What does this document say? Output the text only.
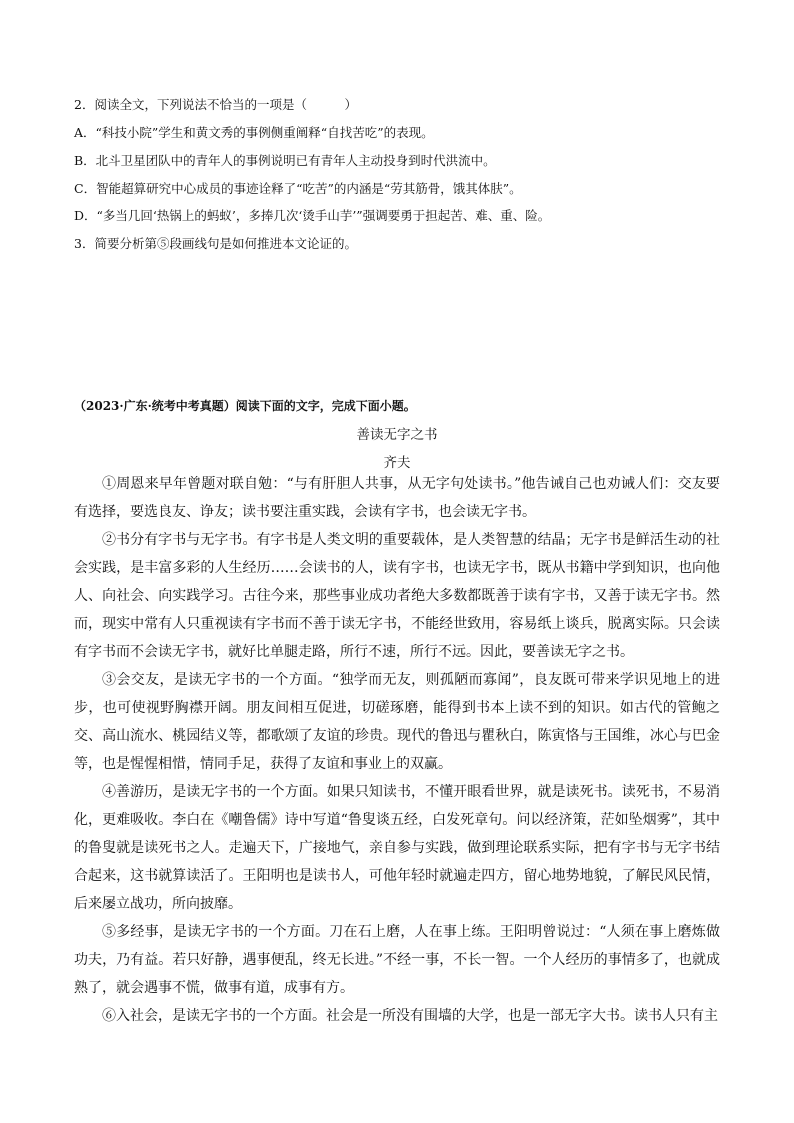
2．阅读全文，下列说法不恰当的一项是（　　　）
A．“科技小院”学生和黄文秀的事例侧重阐释“自找苦吃”的表现。
B．北斗卫星团队中的青年人的事例说明已有青年人主动投身到时代洪流中。
C．智能超算研究中心成员的事迹诠释了“吃苦”的内涵是“劳其筋骨，饿其体肤”。
D．“多当几回‘热锅上的蚂蚁’，多捧几次‘烫手山芋’”强调要勇于担起苦、难、重、险。
3．简要分析第⑤段画线句是如何推进本文论证的。
（2023·广东·统考中考真题）阅读下面的文字，完成下面小题。
善读无字之书
齐夫

①周恩来早年曾题对联自勉：“与有肝胆人共事，从无字句处读书。”他告诫自己也劝诫人们：交友要有选择，要选良友、诤友；读书要注重实践，会读有字书，也会读无字书。

②书分有字书与无字书。有字书是人类文明的重要载体，是人类智慧的结晶；无字书是鲜活生动的社会实践，是丰富多彩的人生经历……会读书的人，读有字书，也读无字书，既从书籍中学到知识，也向他人、向社会、向实践学习。古往今来，那些事业成功者绝大多数都既善于读有字书，又善于读无字书。然而，现实中常有人只重视读有字书而不善于读无字书，不能经世致用，容易纸上谈兵，脱离实际。只会读有字书而不会读无字书，就好比单腿走路，所行不速，所行不远。因此，要善读无字之书。

③会交友，是读无字书的一个方面。“独学而无友，则孤陋而寡闻”，良友既可带来学识见地上的进步，也可使视野胸襟开阔。朋友间相互促进，切磋琢磨，能得到书本上读不到的知识。如古代的管鲍之交、高山流水、桃园结义等，都歌颂了友谊的珍贵。现代的鲁迅与瞿秋白，陈寅恪与王国维，冰心与巴金等，也是惺惺相惜，情同手足，获得了友谊和事业上的双赢。

④善游历，是读无字书的一个方面。如果只知读书，不懂开眼看世界，就是读死书。读死书，不易消化，更难吸收。李白在《嘲鲁儒》诗中写道“鲁叟谈五经，白发死章句。问以经济策，茫如坠烟雾”，其中的鲁叟就是读死书之人。走遍天下，广接地气，亲自参与实践，做到理论联系实际，把有字书与无字书结合起来，这书就算读活了。王阳明也是读书人，可他年轻时就遍走四方，留心地势地貌，了解民风民情，后来屡立战功，所向披靡。

⑤多经事，是读无字书的一个方面。刀在石上磨，人在事上练。王阳明曾说过：“人须在事上磨炼做功夫，乃有益。若只好静，遇事便乱，终无长进。”不经一事，不长一智。一个人经历的事情多了，也就成熟了，就会遇事不慌，做事有道，成事有方。

⑥入社会，是读无字书的一个方面。社会是一所没有围墙的大学，也是一部无字大书。读书人只有主
